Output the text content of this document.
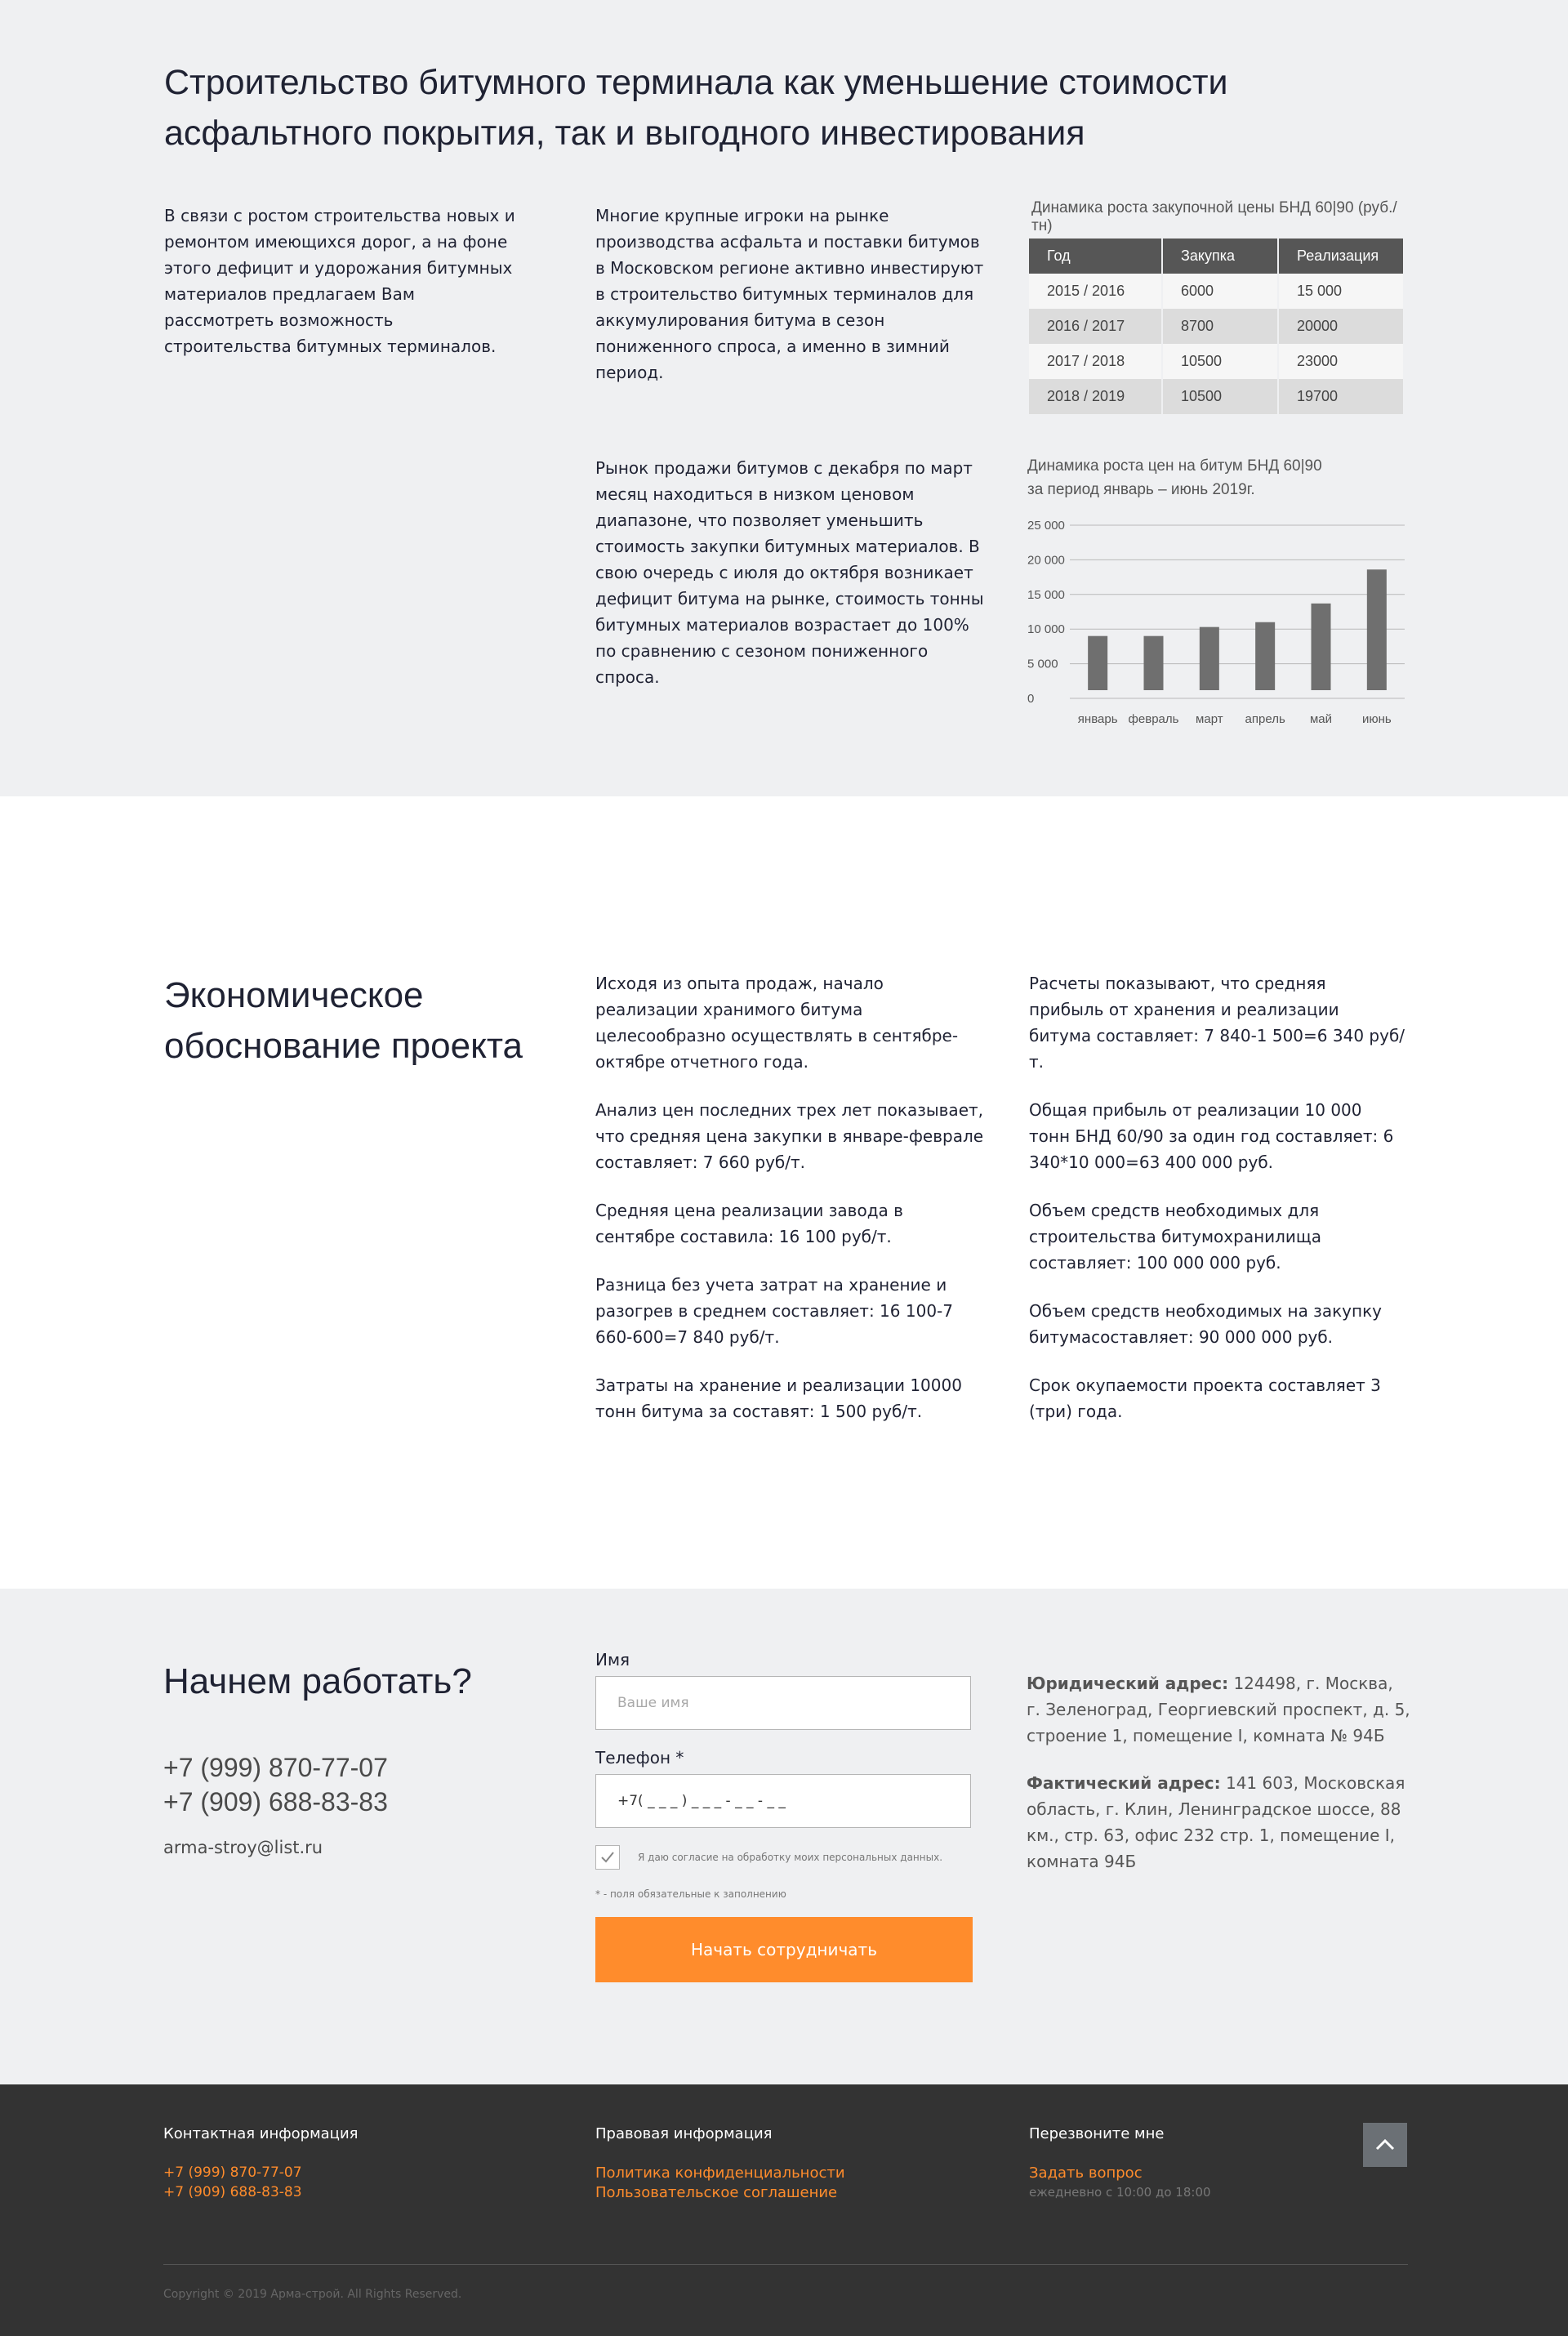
Строительство битумного терминала как уменьшение стоимости асфальтного покрытия, так и выгодного инвестирования

В связи с ростом строительства новых и ремонтом имеющихся дорог, а на фоне этого дефицит и удорожания битумных материалов предлагаем Вам рассмотреть возможность строительства битумных терминалов.

Многие крупные игроки на рынке производства асфальта и поставки битумов в Московском регионе активно инвестируют в строительство битумных терминалов для аккумулирования битума в сезон пониженного спроса, а именно в зимний период.

Рынок продажи битумов с декабря по март месяц находиться в низком ценовом диапазоне, что позволяет уменьшить стоимость закупки битумных материалов. В свою очередь с июля до октября возникает дефицит битума на рынке, стоимость тонны битумных материалов возрастает до 100% по сравнению с сезоном пониженного спроса.

Динамика роста закупочной цены БНД 60|90 (руб./тн)
Год	Закупка	Реализация
2015 / 2016	6000	15 000
2016 / 2017	8700	20000
2017 / 2018	10500	23000
2018 / 2019	10500	19700
Динамика роста цен на битум БНД 60|90
за период январь – июнь 2019г.
0
5 000
10 000
15 000
20 000
25 000
январь февраль март апрель май июнь
Экономическое обоснование проекта

Исходя из опыта продаж, начало реализации хранимого битума целесообразно осуществлять в сентябре-октябре отчетного года.

Анализ цен последних трех лет показывает, что средняя цена закупки в январе-феврале составляет: 7 660 руб/т.

Средняя цена реализации завода в сентябре составила: 16 100 руб/т.

Разница без учета затрат на хранение и разогрев в среднем составляет: 16 100-7 660-600=7 840 руб/т.

Затраты на хранение и реализации 10000 тонн битума за составят: 1 500 руб/т.

Расчеты показывают, что средняя прибыль от хранения и реализации битума составляет: 7 840-1 500=6 340 руб/т.

Общая прибыль от реализации 10 000 тонн БНД 60/90 за один год составляет: 6 340*10 000=63 400 000 руб.

Объем средств необходимых для строительства битумохранилища составляет: 100 000 000 руб.

Объем средств необходимых на закупку битумасоставляет: 90 000 000 руб.

Срок окупаемости проекта составляет 3 (три) года.

Начнем работать?
+7 (999) 870-77-07
+7 (909) 688-83-83
arma-stroy@list.ru
Имя
Ваше имя
Телефон *
+7( _ _ _ ) _ _ _ - _ _ - _ _
Я даю согласие на обработку моих персональных данных.
* - поля обязательные к заполнению
Начать сотрудничать
Юридический адрес: 124498, г. Москва, г. Зеленоград, Георгиевский проспект, д. 5, строение 1, помещение I, комната № 94Б
Фактический адрес: 141 603, Московская область, г. Клин, Ленинградское шоссе, 88 км., стр. 63, офис 232 стр. 1, помещение I, комната 94Б
Контактная информация
+7 (999) 870-77-07
+7 (909) 688-83-83
Правовая информация
Политика конфиденциальности
Пользовательское соглашение
Перезвоните мне
Задать вопрос
ежедневно с 10:00 до 18:00
Copyright © 2019 Арма-строй. All Rights Reserved.
